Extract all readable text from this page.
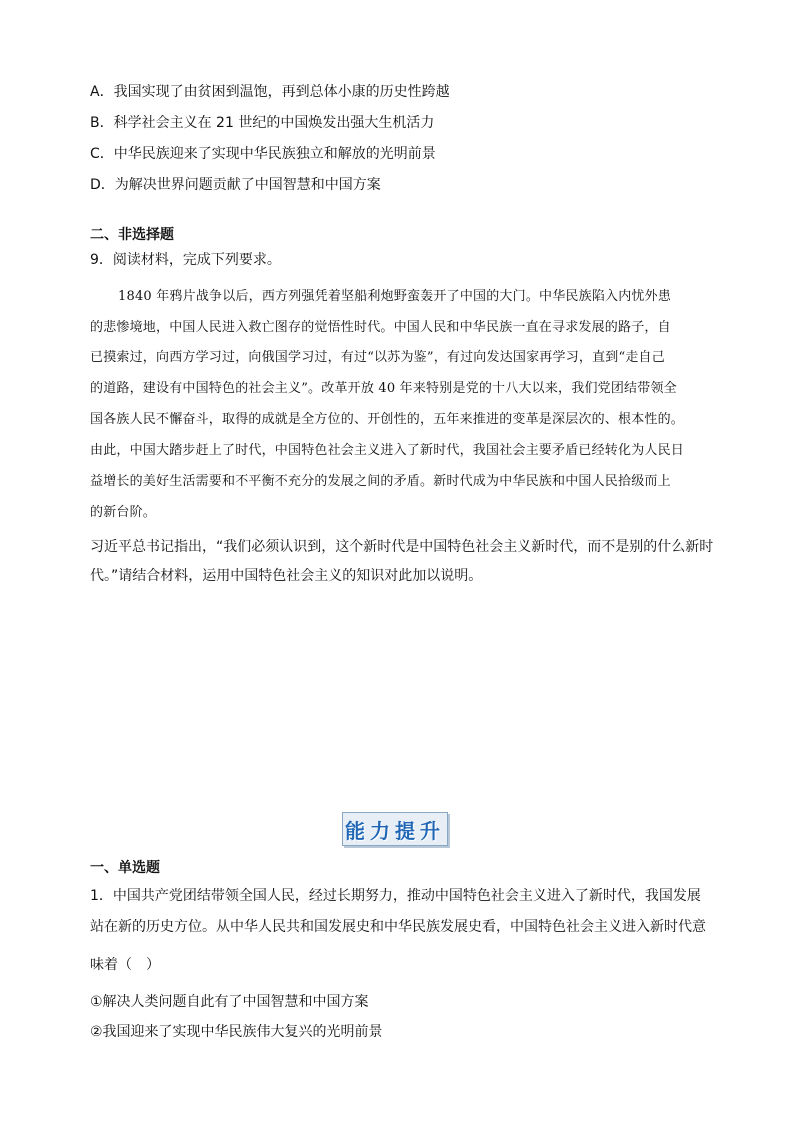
A．我国实现了由贫困到温饱，再到总体小康的历史性跨越
B．科学社会主义在 21 世纪的中国焕发出强大生机活力
C．中华民族迎来了实现中华民族独立和解放的光明前景
D．为解决世界问题贡献了中国智慧和中国方案
二、非选择题
9．阅读材料，完成下列要求。
1840 年鸦片战争以后，西方列强凭着坚船利炮野蛮轰开了中国的大门。中华民族陷入内忧外患
的悲惨境地，中国人民进入救亡图存的觉悟性时代。中国人民和中华民族一直在寻求发展的路子，自
已摸索过，向西方学习过，向俄国学习过，有过“以苏为鉴”，有过向发达国家再学习，直到“走自己
的道路，建设有中国特色的社会主义”。改革开放 40 年来特别是党的十八大以来，我们党团结带领全
国各族人民不懈奋斗，取得的成就是全方位的、开创性的，五年来推进的变革是深层次的、根本性的。
由此，中国大踏步赶上了时代，中国特色社会主义进入了新时代，我国社会主要矛盾已经转化为人民日
益增长的美好生活需要和不平衡不充分的发展之间的矛盾。新时代成为中华民族和中国人民拾级而上
的新台阶。
习近平总书记指出，“我们必须认识到，这个新时代是中国特色社会主义新时代，而不是别的什么新时
代。”请结合材料，运用中国特色社会主义的知识对此加以说明。
能力提升
一、单选题
1．中国共产党团结带领全国人民，经过长期努力，推动中国特色社会主义进入了新时代，我国发展
站在新的历史方位。从中华人民共和国发展史和中华民族发展史看，中国特色社会主义进入新时代意
味着（　）
①解决人类问题自此有了中国智慧和中国方案
②我国迎来了实现中华民族伟大复兴的光明前景
